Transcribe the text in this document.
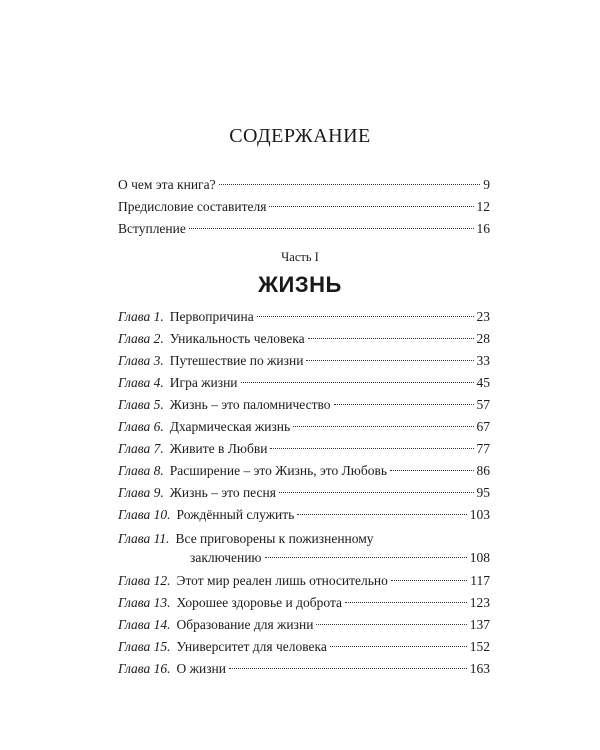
СОДЕРЖАНИЕ
О чем эта книга?	9
Предисловие составителя	12
Вступление	16
Часть I
ЖИЗНЬ
Глава 1. Первопричина	23
Глава 2. Уникальность человека	28
Глава 3. Путешествие по жизни	33
Глава 4. Игра жизни	45
Глава 5. Жизнь – это паломничество	57
Глава 6. Дхармическая жизнь	67
Глава 7. Живите в Любви	77
Глава 8. Расширение – это Жизнь, это Любовь	86
Глава 9. Жизнь – это песня	95
Глава 10. Рождённый служить	103
Глава 11. Все приговорены к пожизненному
заключению	108
Глава 12. Этот мир реален лишь относительно	117
Глава 13. Хорошее здоровье и доброта	123
Глава 14. Образование для жизни	137
Глава 15. Университет для человека	152
Глава 16. О жизни	163
